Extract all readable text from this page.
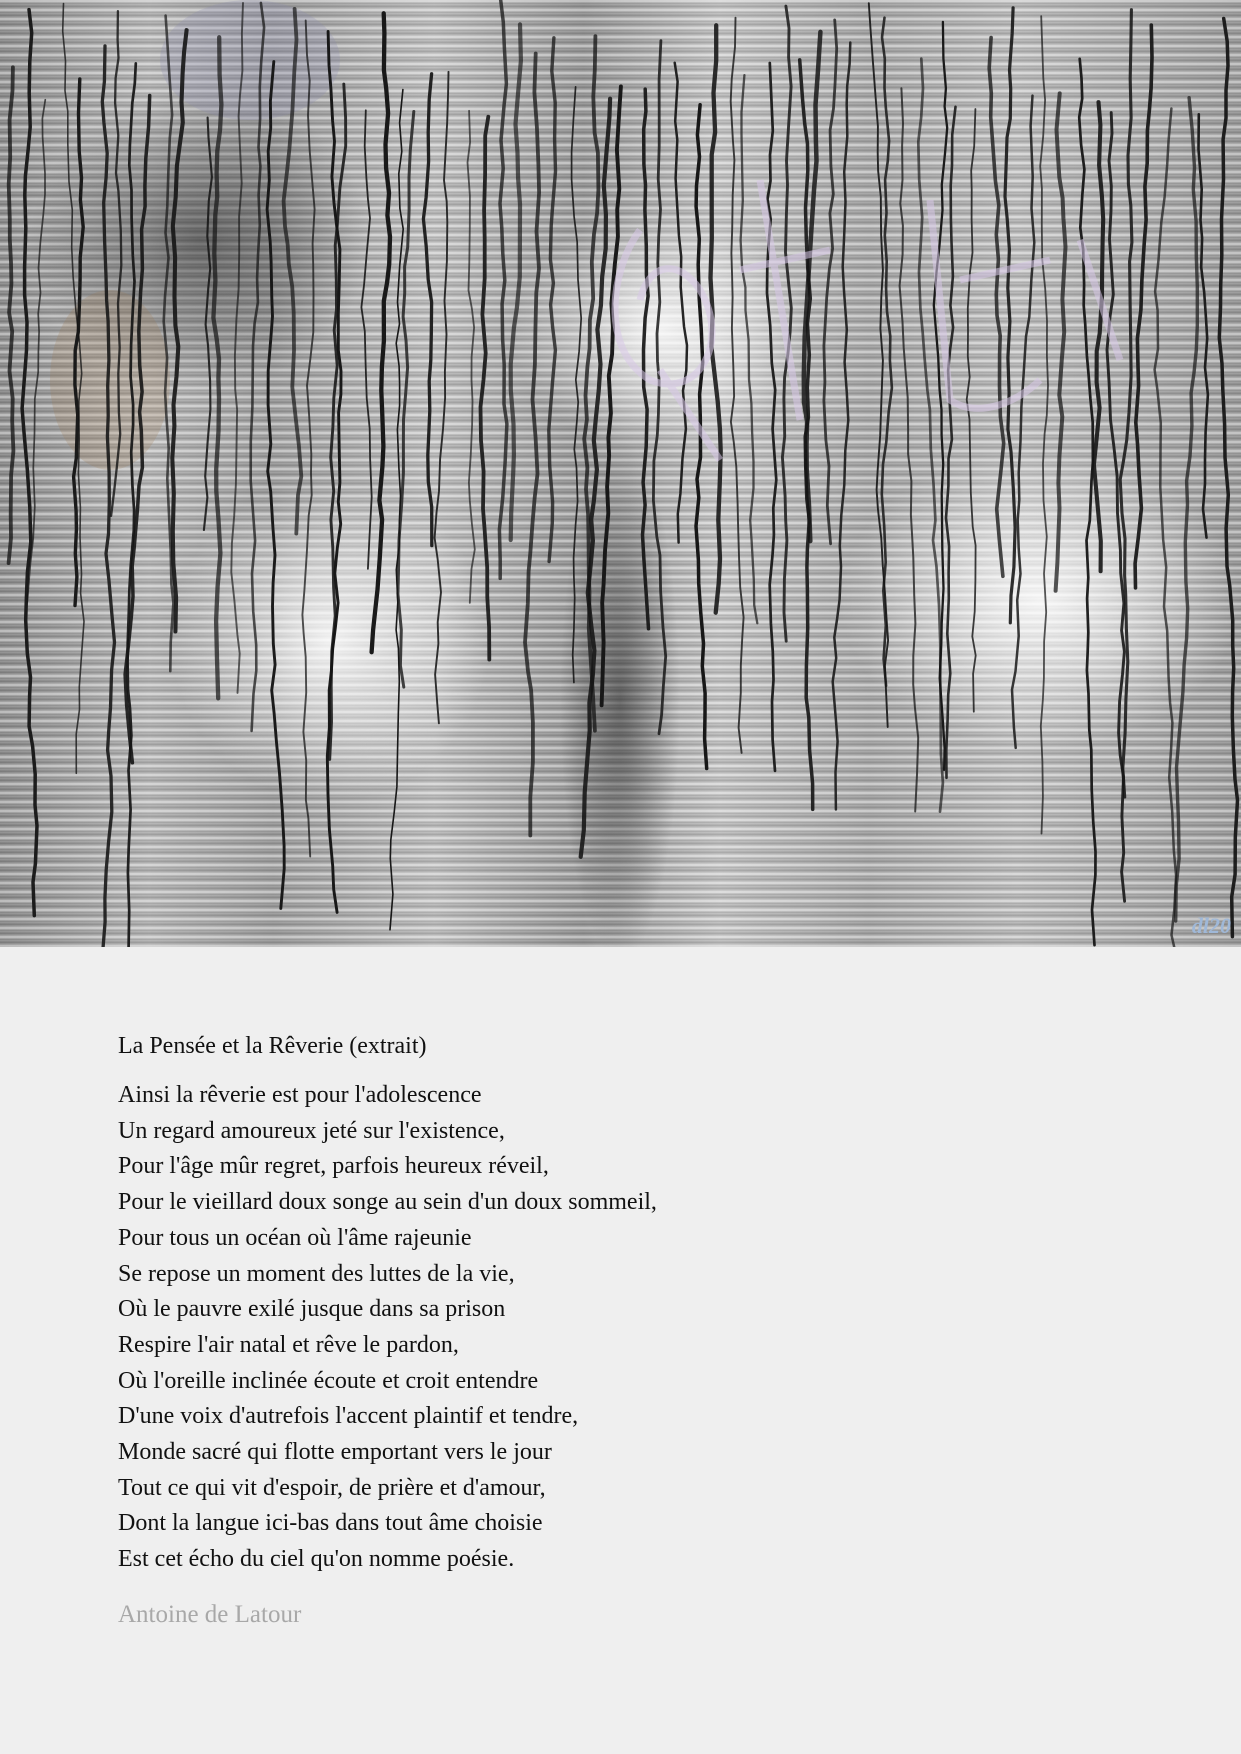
dl20
La Pensée et la Rêverie (extrait)
Ainsi la rêverie est pour l'adolescence
Un regard amoureux jeté sur l'existence,
Pour l'âge mûr regret, parfois heureux réveil,
Pour le vieillard doux songe au sein d'un doux sommeil,
Pour tous un océan où l'âme rajeunie
Se repose un moment des luttes de la vie,
Où le pauvre exilé jusque dans sa prison
Respire l'air natal et rêve le pardon,
Où l'oreille inclinée écoute et croit entendre
D'une voix d'autrefois l'accent plaintif et tendre,
Monde sacré qui flotte emportant vers le jour
Tout ce qui vit d'espoir, de prière et d'amour,
Dont la langue ici-bas dans tout âme choisie
Est cet écho du ciel qu'on nomme poésie.
Antoine de Latour
